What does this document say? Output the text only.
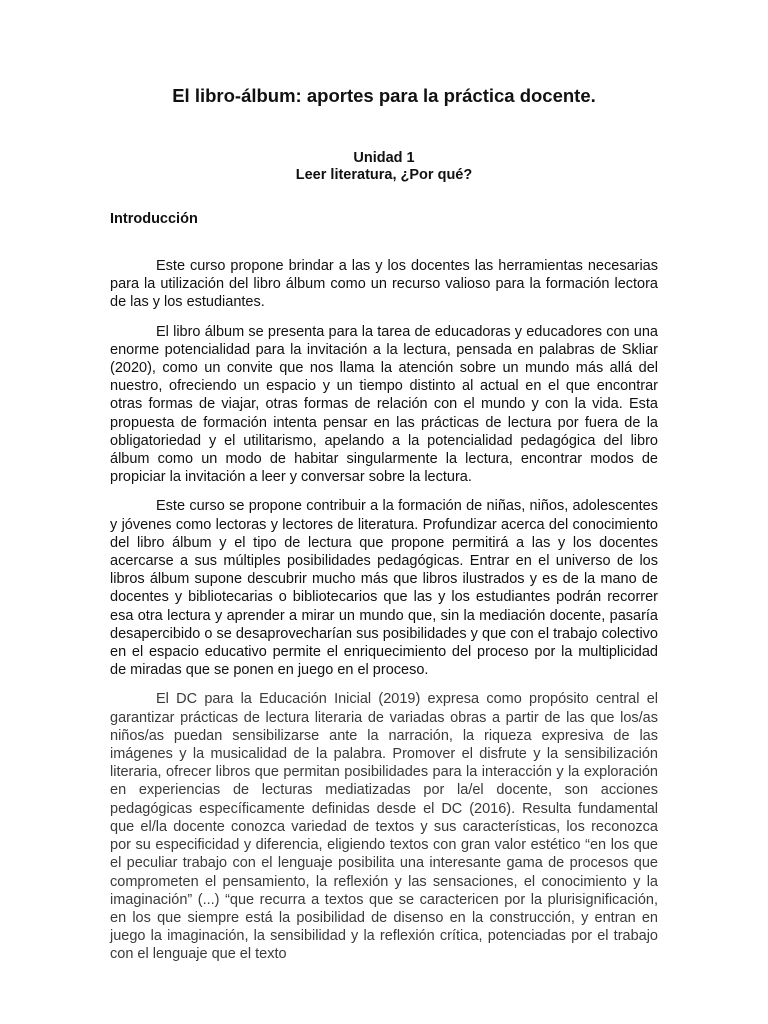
El libro-álbum: aportes para la práctica docente.
Unidad 1
Leer literatura, ¿Por qué?
Introducción

Este curso propone brindar a las y los docentes las herramientas necesarias para la utilización del libro álbum como un recurso valioso para la formación lectora de las y los estudiantes.

El libro álbum se presenta para la tarea de educadoras y educadores con una enorme potencialidad para la invitación a la lectura, pensada en palabras de Skliar (2020), como un convite que nos llama la atención sobre un mundo más allá del nuestro, ofreciendo un espacio y un tiempo distinto al actual en el que encontrar otras formas de viajar, otras formas de relación con el mundo y con la vida. Esta propuesta de formación intenta pensar en las prácticas de lectura por fuera de la obligatoriedad y el utilitarismo, apelando a la potencialidad pedagógica del libro álbum como un modo de habitar singularmente la lectura, encontrar modos de propiciar la invitación a leer y conversar sobre la lectura.

Este curso se propone contribuir a la formación de niñas, niños, adolescentes y jóvenes como lectoras y lectores de literatura. Profundizar acerca del conocimiento del libro álbum y el tipo de lectura que propone permitirá a las y los docentes acercarse a sus múltiples posibilidades pedagógicas. Entrar en el universo de los libros álbum supone descubrir mucho más que libros ilustrados y es de la mano de docentes y bibliotecarias o bibliotecarios que las y los estudiantes podrán recorrer esa otra lectura y aprender a mirar un mundo que, sin la mediación docente, pasaría desapercibido o se desaprovecharían sus posibilidades y que con el trabajo colectivo en el espacio educativo permite el enriquecimiento del proceso por la multiplicidad de miradas que se ponen en juego en el proceso.

El DC para la Educación Inicial (2019) expresa como propósito central el garantizar prácticas de lectura literaria de variadas obras a partir de las que los/as niños/as puedan sensibilizarse ante la narración, la riqueza expresiva de las imágenes y la musicalidad de la palabra. Promover el disfrute y la sensibilización literaria, ofrecer libros que permitan posibilidades para la interacción y la exploración en experiencias de lecturas mediatizadas por la/el docente, son acciones pedagógicas específicamente definidas desde el DC (2016). Resulta fundamental que el/la docente conozca variedad de textos y sus características, los reconozca por su especificidad y diferencia, eligiendo textos con gran valor estético “en los que el peculiar trabajo con el lenguaje posibilita una interesante gama de procesos que comprometen el pensamiento, la reflexión y las sensaciones, el conocimiento y la imaginación” (...) “que recurra a textos que se caractericen por la plurisignificación, en los que siempre está la posibilidad de disenso en la construcción, y entran en juego la imaginación, la sensibilidad y la reflexión crítica, potenciadas por el trabajo con el lenguaje que el texto
